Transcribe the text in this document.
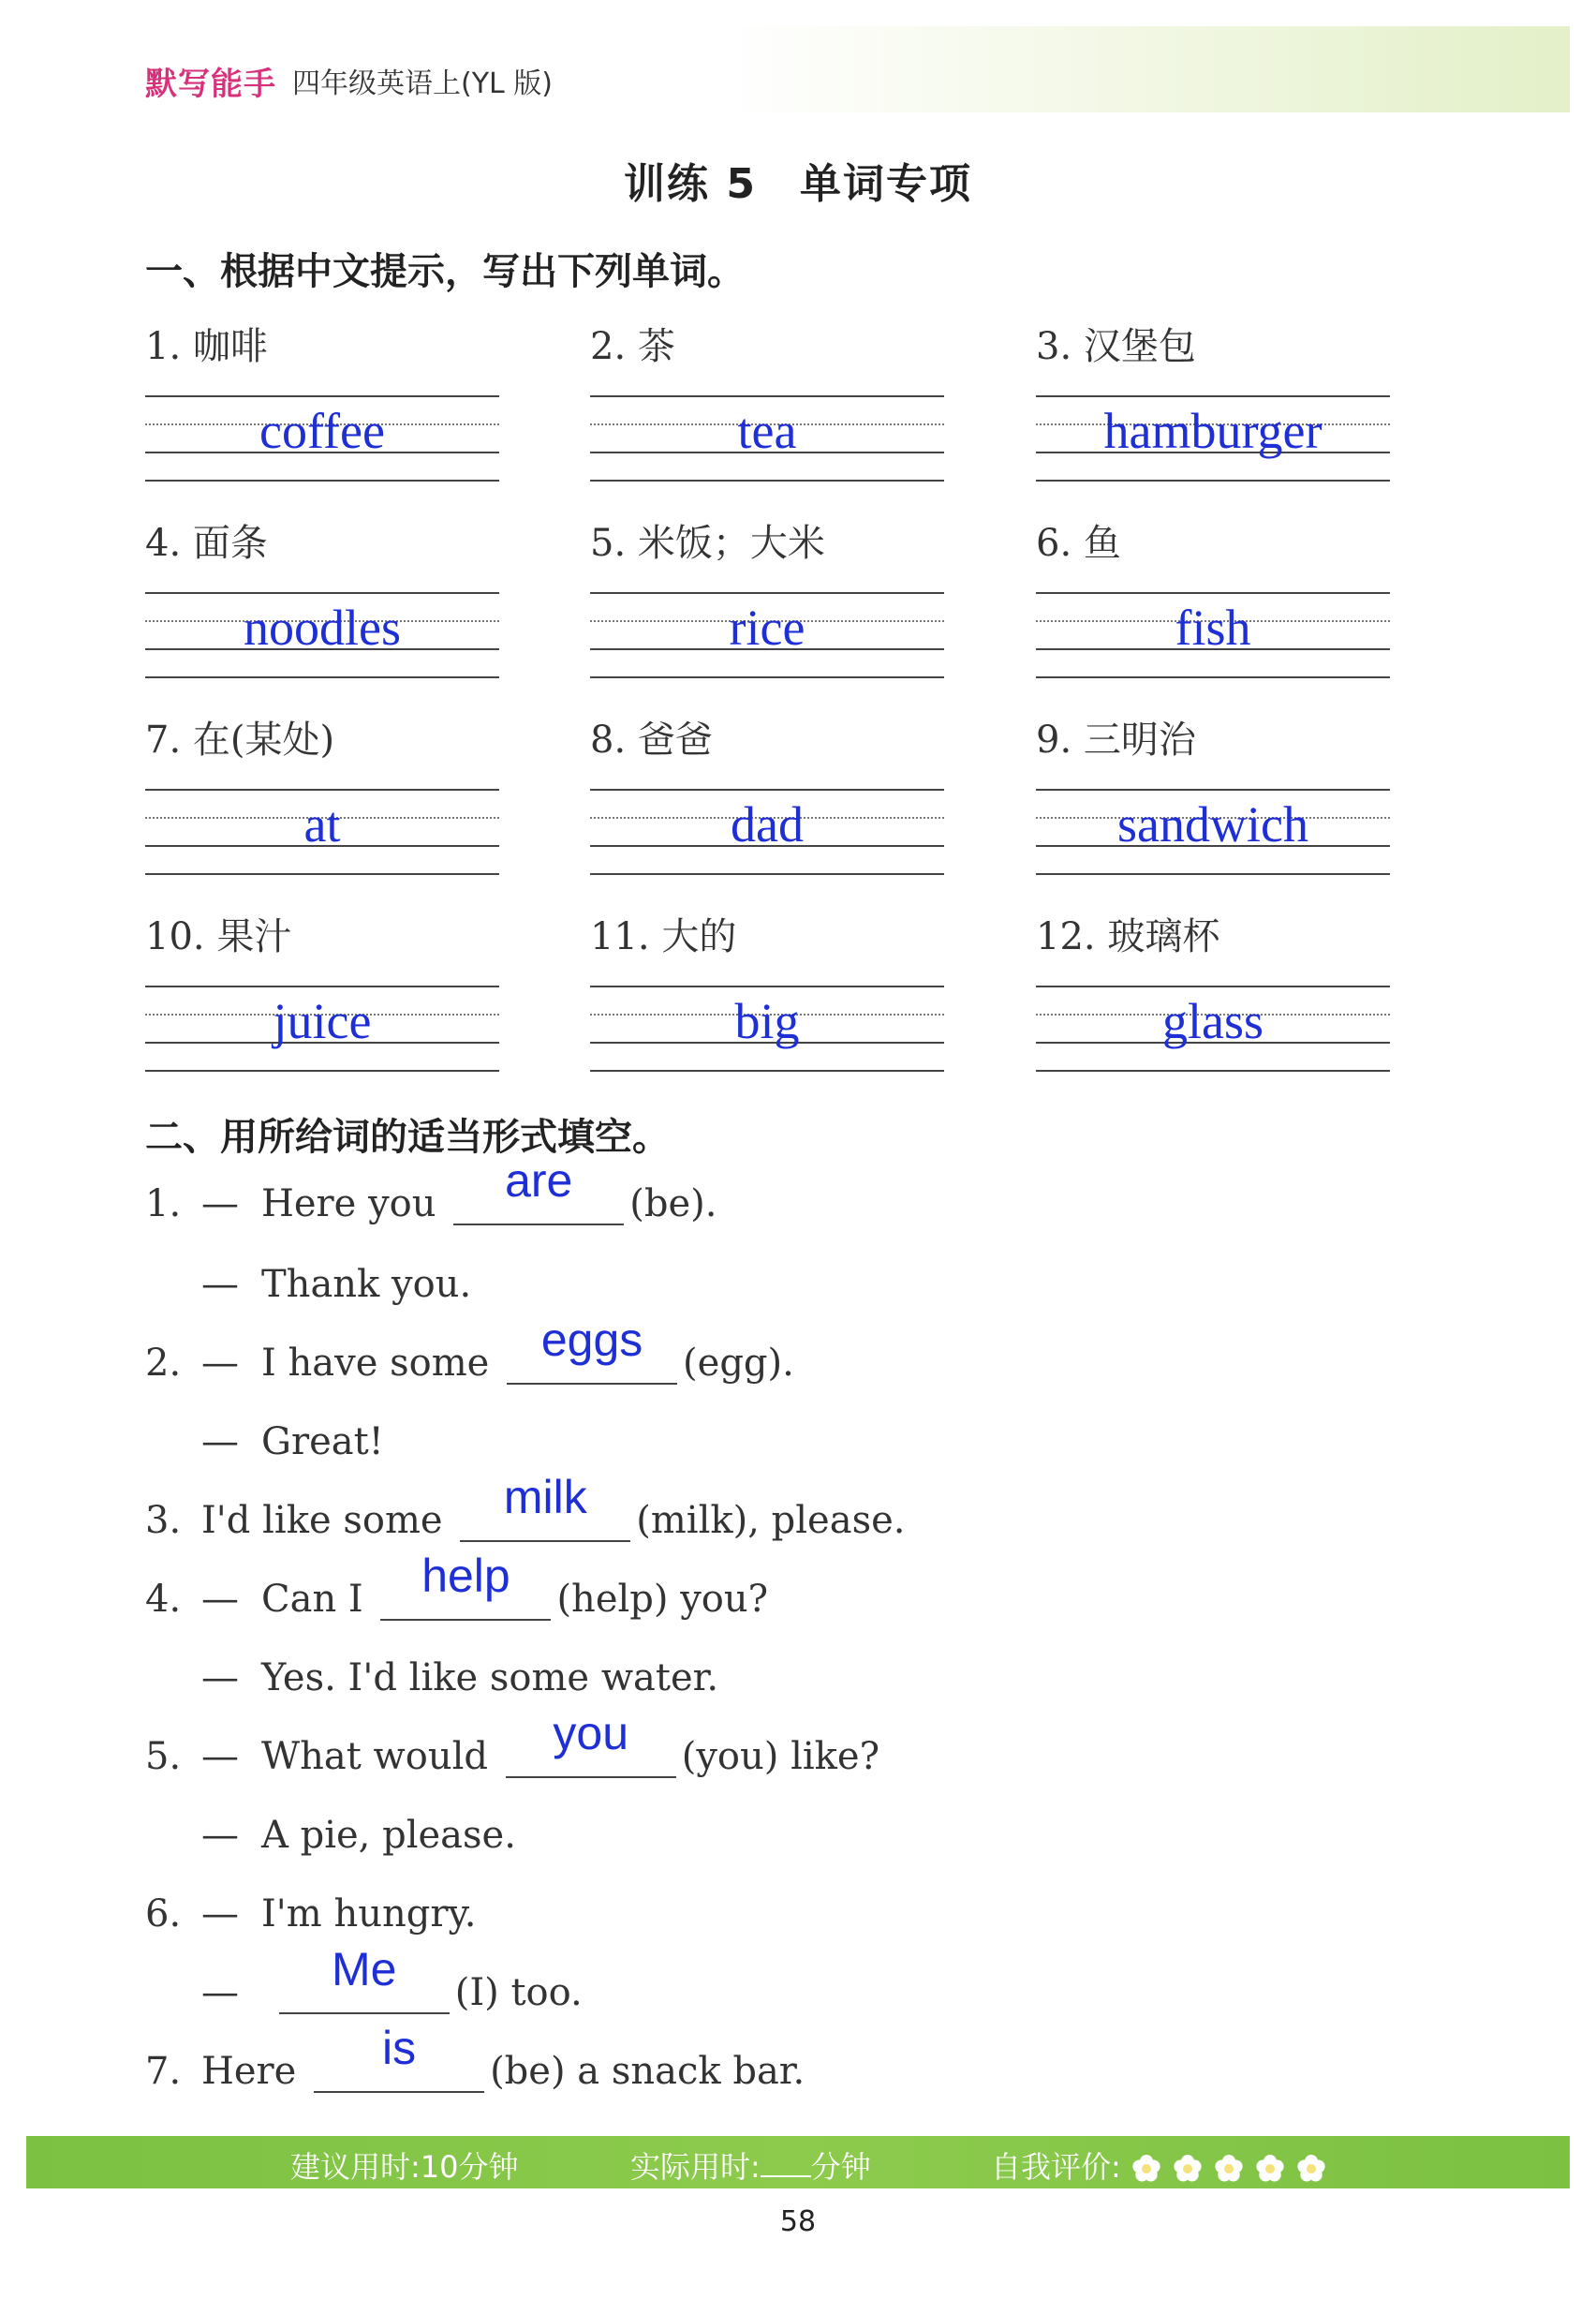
默写能手 四年级英语上(YL 版)
训练 5　单词专项
一、根据中文提示，写出下列单词。
1. 咖啡
coffee
2. 茶
tea
3. 汉堡包
hamburger
4. 面条
noodles
5. 米饭；大米
rice
6. 鱼
fish
7. 在(某处)
at
8. 爸爸
dad
9. 三明治
sandwich
10. 果汁
juice
11. 大的
big
12. 玻璃杯
glass
二、用所给词的适当形式填空。
1. — Here you	are	(be).
— Thank you.
2. — I have some	eggs	(egg).
— Great!
3. I'd like some	milk	(milk), please.
4. — Can I	help	(help) you?
— Yes. I'd like some water.
5. — What would	you	(you) like?
— A pie, please.
6. — I'm hungry.
—	Me	(I) too.
7. Here	is	(be) a snack bar.
建议用时:10分钟	实际用时: 分钟	自我评价:
58
